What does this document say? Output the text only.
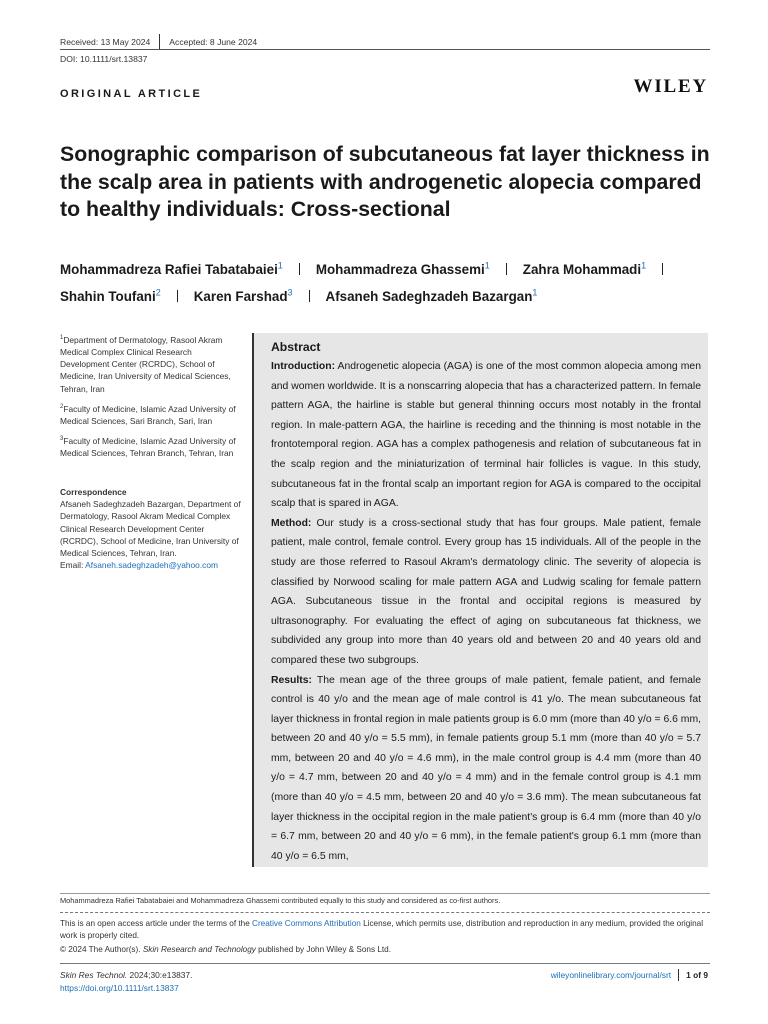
Received: 13 May 2024 Accepted: 8 June 2024
DOI: 10.1111/srt.13837
ORIGINAL ARTICLE	WILEY
Sonographic comparison of subcutaneous fat layer thickness in the scalp area in patients with androgenetic alopecia compared to healthy individuals: Cross-sectional
Mohammadreza Rafiei Tabatabaiei$^1$ Mohammadreza Ghassemi$^1$ Zahra Mohammadi$^1$
Shahin Toufani$^2$ Karen Farshad$^3$ Afsaneh Sadeghzadeh Bazargan$^1$
$^1$Department of Dermatology, Rasool Akram Medical Complex Clinical Research Development Center (RCRDC), School of Medicine, Iran University of Medical Sciences, Tehran, Iran
$^2$Faculty of Medicine, Islamic Azad University of Medical Sciences, Sari Branch, Sari, Iran
$^3$Faculty of Medicine, Islamic Azad University of Medical Sciences, Tehran Branch, Tehran, Iran
Correspondence
Afsaneh Sadeghzadeh Bazargan, Department of Dermatology, Rasool Akram Medical Complex Clinical Research Development Center (RCRDC), School of Medicine, Iran University of Medical Sciences, Tehran, Iran.
Email: Afsaneh.sadeghzadeh@yahoo.com
Abstract

Introduction: Androgenetic alopecia (AGA) is one of the most common alopecia among men and women worldwide. It is a nonscarring alopecia that has a characterized pattern. In female pattern AGA, the hairline is stable but general thinning occurs most notably in the frontal region. In male-pattern AGA, the hairline is receding and the thinning is most notable in the frontotemporal region. AGA has a complex pathogenesis and relation of subcutaneous fat in the scalp region and the miniaturization of terminal hair follicles is vague. In this study, subcutaneous fat in the frontal scalp an important region for AGA is compared to the occipital scalp that is spared in AGA.

Method: Our study is a cross-sectional study that has four groups. Male patient, female patient, male control, female control. Every group has 15 individuals. All of the people in the study are those referred to Rasoul Akram's dermatology clinic. The severity of alopecia is classified by Norwood scaling for male pattern AGA and Ludwig scaling for female pattern AGA. Subcutaneous tissue in the frontal and occipital regions is measured by ultrasonography. For evaluating the effect of aging on subcutaneous fat thickness, we subdivided any group into more than 40 years old and between 20 and 40 years old and compared these two subgroups.

Results: The mean age of the three groups of male patient, female patient, and female control is 40 y/o and the mean age of male control is 41 y/o. The mean subcutaneous fat layer thickness in frontal region in male patients group is 6.0 mm (more than 40 y/o = 6.6 mm, between 20 and 40 y/o = 5.5 mm), in female patients group 5.1 mm (more than 40 y/o = 5.7 mm, between 20 and 40 y/o = 4.6 mm), in the male control group is 4.4 mm (more than 40 y/o = 4.7 mm, between 20 and 40 y/o = 4 mm) and in the female control group is 4.1 mm (more than 40 y/o = 4.5 mm, between 20 and 40 y/o = 3.6 mm). The mean subcutaneous fat layer thickness in the occipital region in the male patient's group is 6.4 mm (more than 40 y/o = 6.7 mm, between 20 and 40 y/o = 6 mm), in the female patient's group 6.1 mm (more than 40 y/o = 6.5 mm,

Mohammadreza Rafiei Tabatabaiei and Mohammadreza Ghassemi contributed equally to this study and considered as co-first authors.
This is an open access article under the terms of the Creative Commons Attribution License, which permits use, distribution and reproduction in any medium, provided the original work is properly cited.
© 2024 The Author(s). Skin Research and Technology published by John Wiley & Sons Ltd.
Skin Res Technol. 2024;30:e13837.
https://doi.org/10.1111/srt.13837
wileyonlinelibrary.com/journal/srt 1 of 9
